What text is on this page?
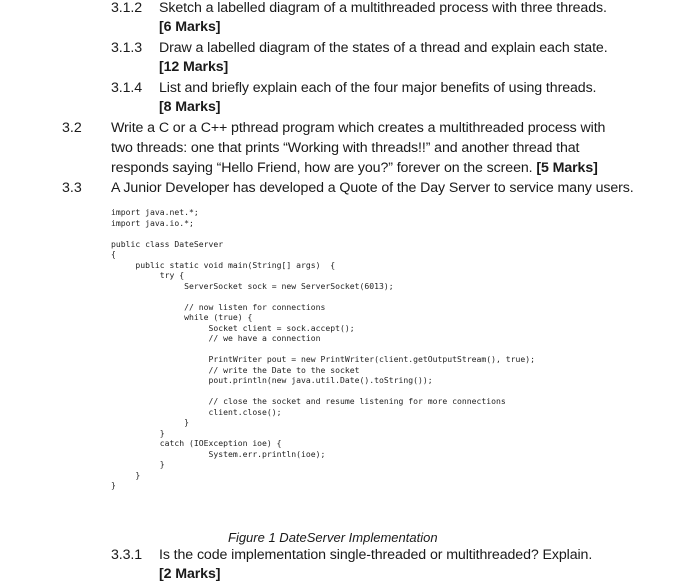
3.1.2 Sketch a labelled diagram of a multithreaded process with three threads.
[6 Marks]
3.1.3 Draw a labelled diagram of the states of a thread and explain each state.
[12 Marks]
3.1.4 List and briefly explain each of the four major benefits of using threads.
[8 Marks]
3.2 Write a C or a C++ pthread program which creates a multithreaded process with
two threads: one that prints “Working with threads!!” and another thread that
responds saying “Hello Friend, how are you?” forever on the screen. [5 Marks]
3.3 A Junior Developer has developed a Quote of the Day Server to service many users.
import java.net.*;
import java.io.*;

public class DateServer
{
public static void main(String[] args)  {
try {
ServerSocket sock = new ServerSocket(6013);

// now listen for connections
while (true) {
Socket client = sock.accept();
// we have a connection

PrintWriter pout = new PrintWriter(client.getOutputStream(), true);
// write the Date to the socket
pout.println(new java.util.Date().toString());

// close the socket and resume listening for more connections
client.close();
}
}
catch (IOException ioe) {
System.err.println(ioe);
}
}
}
Figure 1 DateServer Implementation
3.3.1 Is the code implementation single-threaded or multithreaded? Explain.
[2 Marks]
